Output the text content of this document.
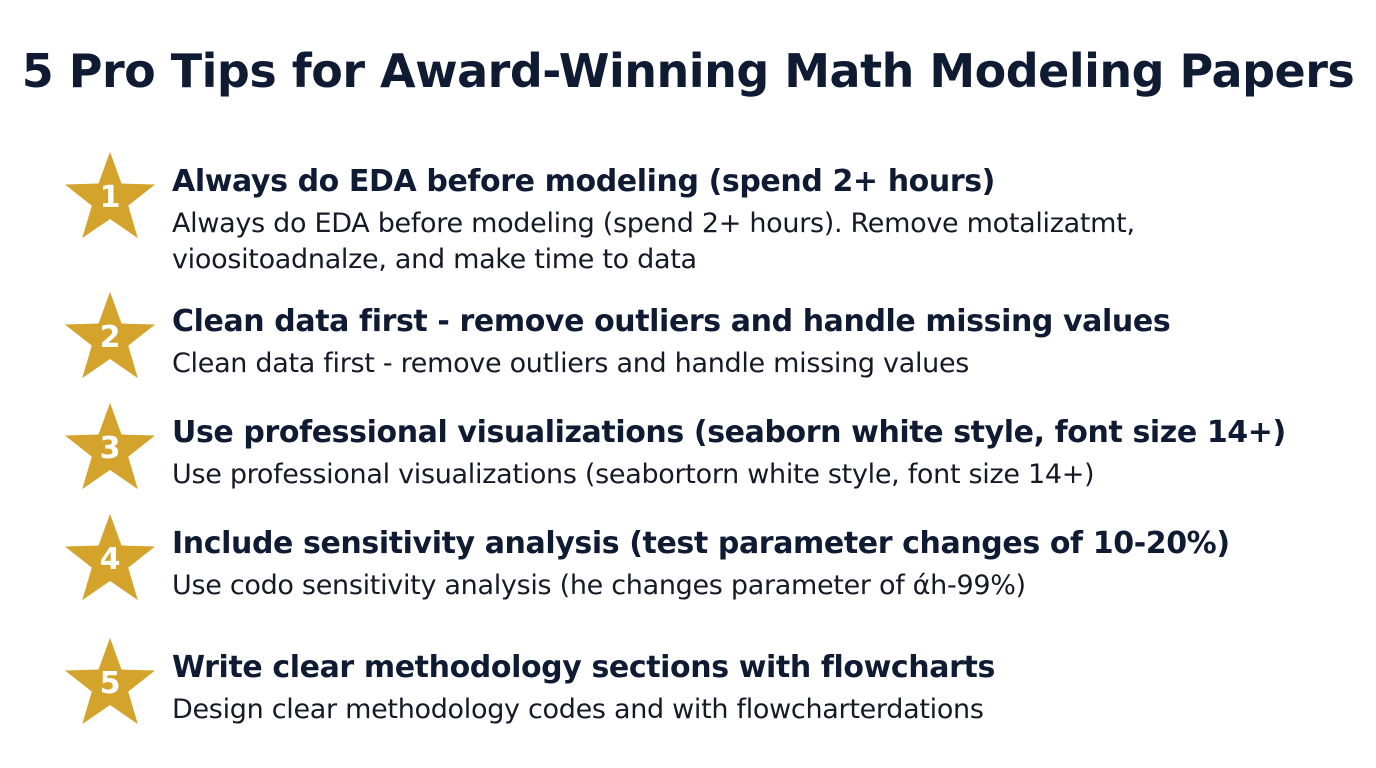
5 Pro Tips for Award-Winning Math Modeling Papers
1	Always do EDA before modeling (spend 2+ hours)
Always do EDA before modeling (spend 2+ hours). Remove motalizatmt, vioositoadnalze, and make time to data
2	Clean data first - remove outliers and handle missing values
Clean data first - remove outliers and handle missing values
3	Use professional visualizations (seaborn white style, font size 14+)
Use professional visualizations (seabortorn white style, font size 14+)
4	Include sensitivity analysis (test parameter changes of 10-20%)
Use codo sensitivity analysis (he changes parameter of άh-99%)
5	Write clear methodology sections with flowcharts
Design clear methodology codes and with flowcharterdations
